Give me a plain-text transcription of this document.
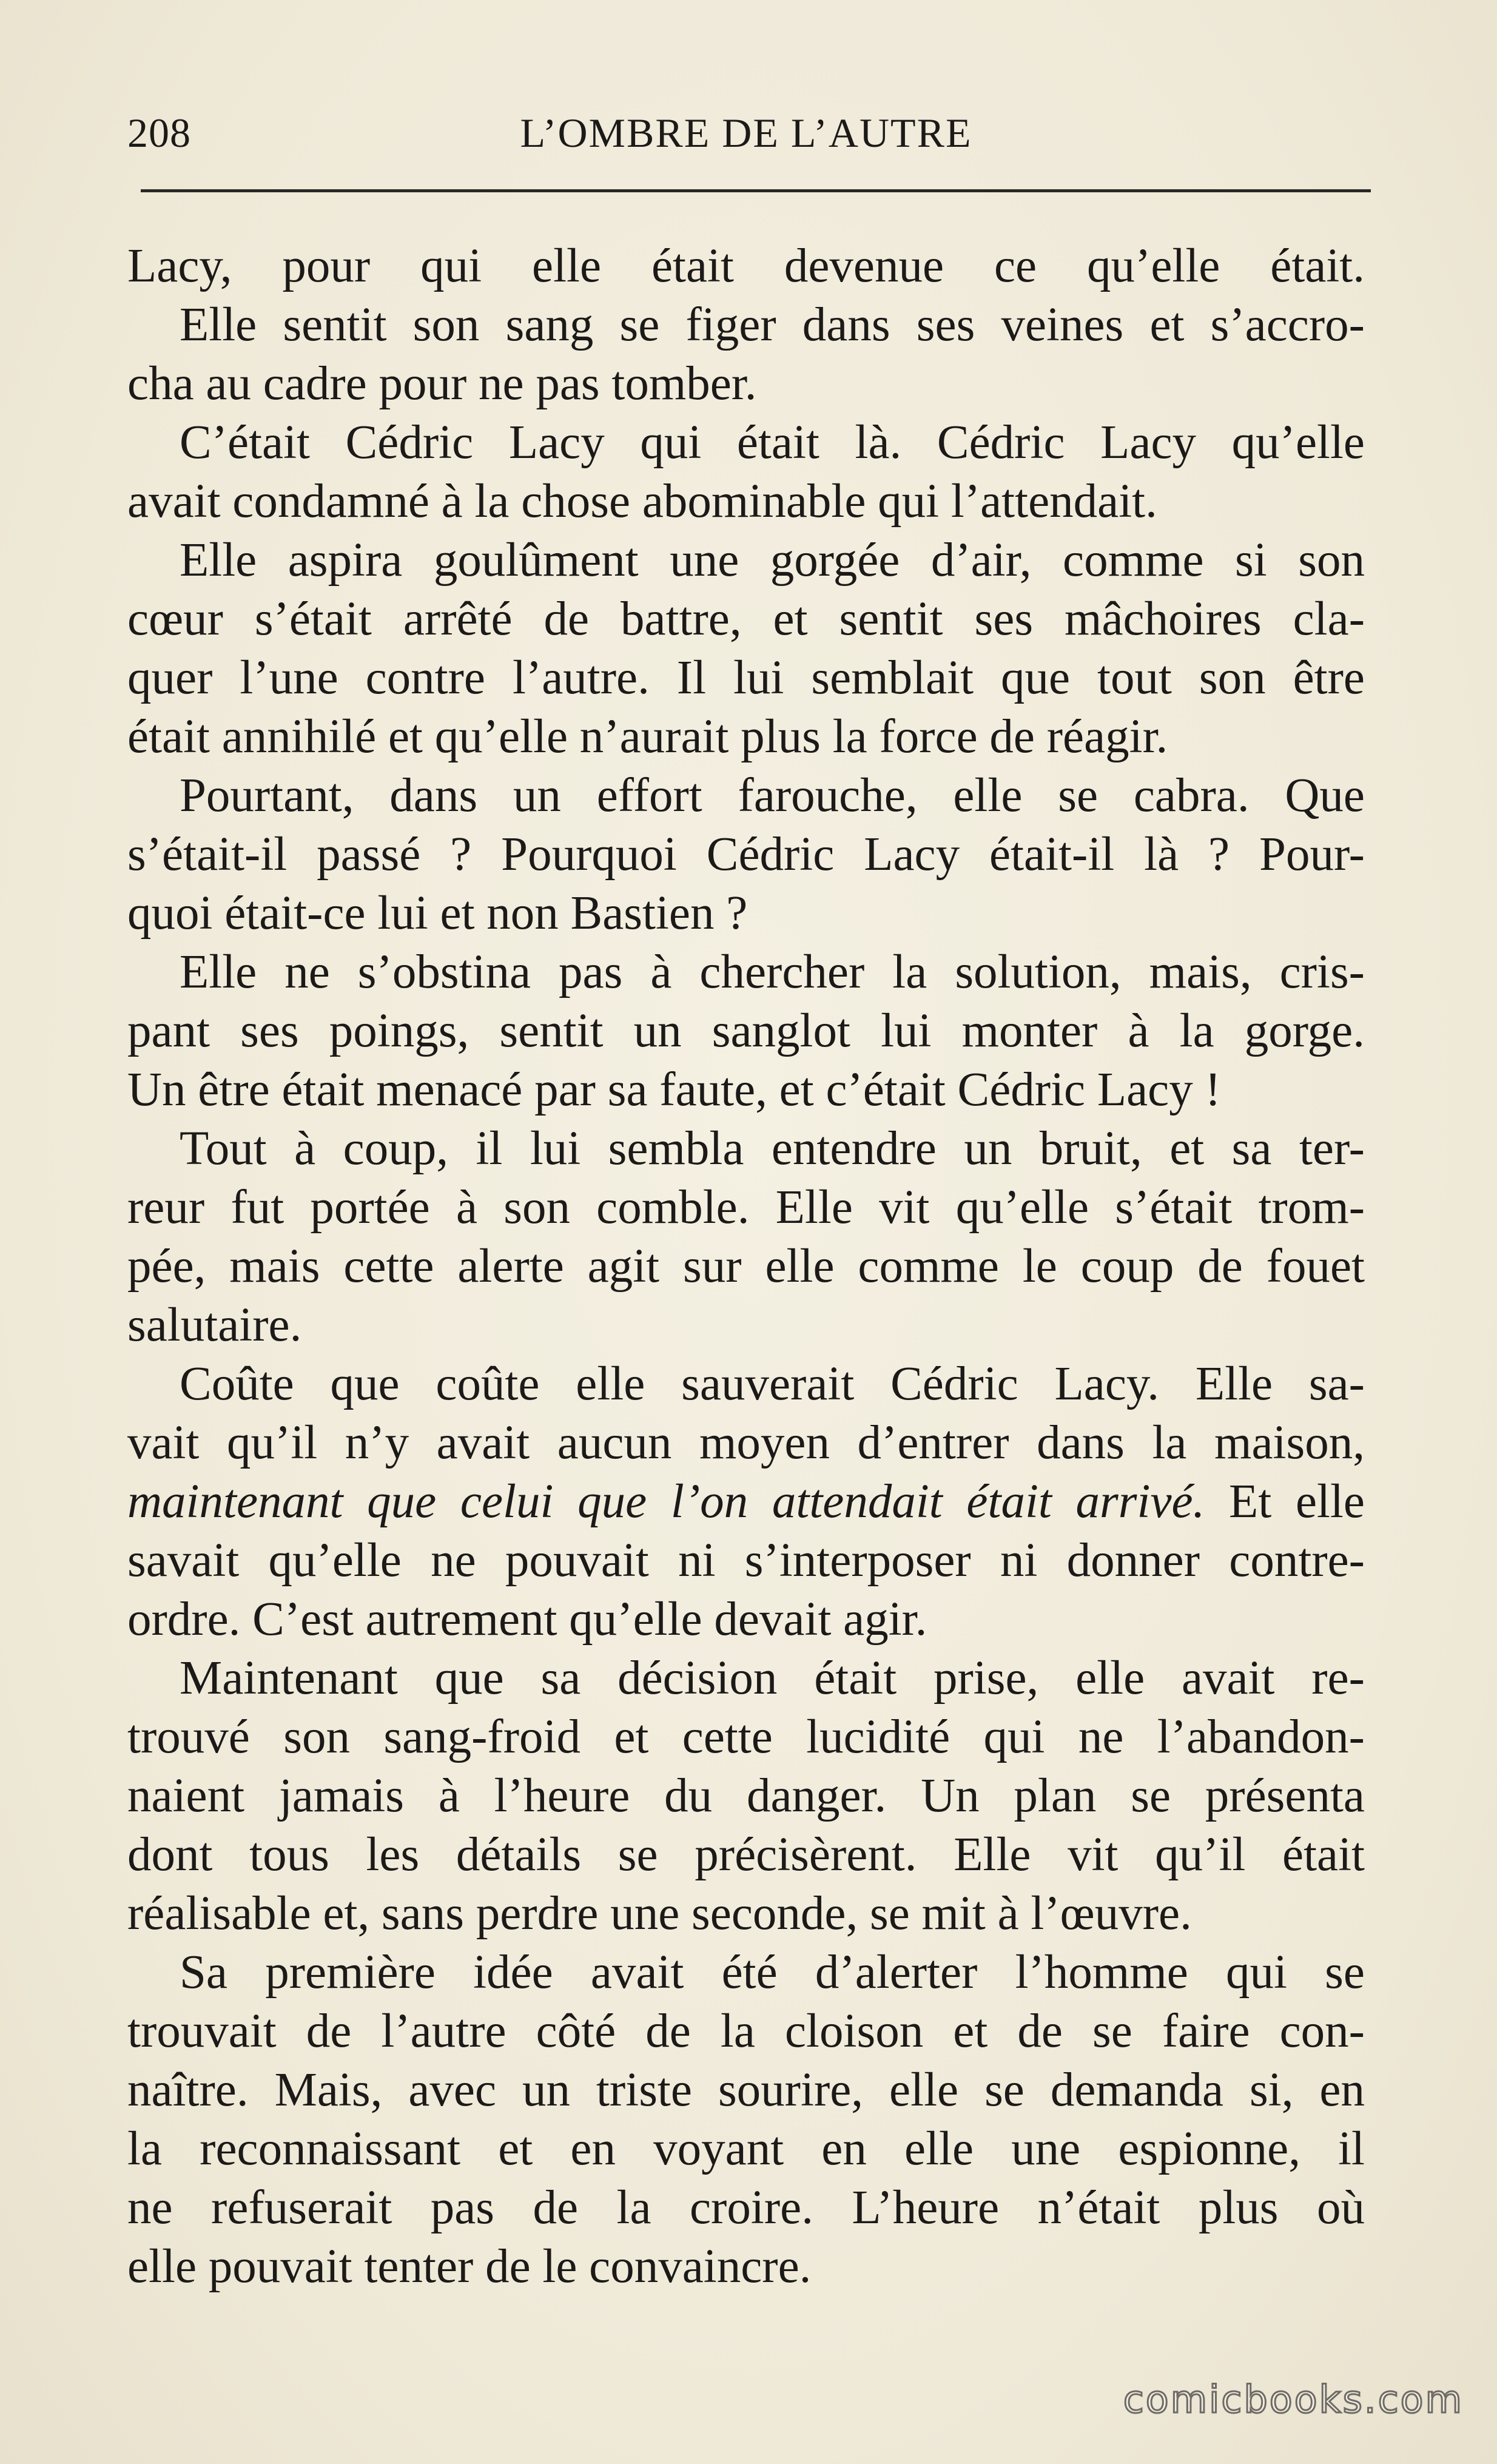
208	L’OMBRE DE L’AUTRE
Lacy, pour qui elle était devenue ce qu’elle était.
Elle sentit son sang se figer dans ses veines et s’accro-
cha au cadre pour ne pas tomber.
C’était Cédric Lacy qui était là. Cédric Lacy qu’elle
avait condamné à la chose abominable qui l’attendait.
Elle aspira goulûment une gorgée d’air, comme si son
cœur s’était arrêté de battre, et sentit ses mâchoires cla-
quer l’une contre l’autre. Il lui semblait que tout son être
était annihilé et qu’elle n’aurait plus la force de réagir.
Pourtant, dans un effort farouche, elle se cabra. Que
s’était-il passé ? Pourquoi Cédric Lacy était-il là ? Pour-
quoi était-ce lui et non Bastien ?
Elle ne s’obstina pas à chercher la solution, mais, cris-
pant ses poings, sentit un sanglot lui monter à la gorge.
Un être était menacé par sa faute, et c’était Cédric Lacy !
Tout à coup, il lui sembla entendre un bruit, et sa ter-
reur fut portée à son comble. Elle vit qu’elle s’était trom-
pée, mais cette alerte agit sur elle comme le coup de fouet
salutaire.
Coûte que coûte elle sauverait Cédric Lacy. Elle sa-
vait qu’il n’y avait aucun moyen d’entrer dans la maison,
maintenant que celui que l’on attendait était arrivé. Et elle
savait qu’elle ne pouvait ni s’interposer ni donner contre-
ordre. C’est autrement qu’elle devait agir.
Maintenant que sa décision était prise, elle avait re-
trouvé son sang-froid et cette lucidité qui ne l’abandon-
naient jamais à l’heure du danger. Un plan se présenta
dont tous les détails se précisèrent. Elle vit qu’il était
réalisable et, sans perdre une seconde, se mit à l’œuvre.
Sa première idée avait été d’alerter l’homme qui se
trouvait de l’autre côté de la cloison et de se faire con-
naître. Mais, avec un triste sourire, elle se demanda si, en
la reconnaissant et en voyant en elle une espionne, il
ne refuserait pas de la croire. L’heure n’était plus où
elle pouvait tenter de le convaincre.
comicbooks.com
